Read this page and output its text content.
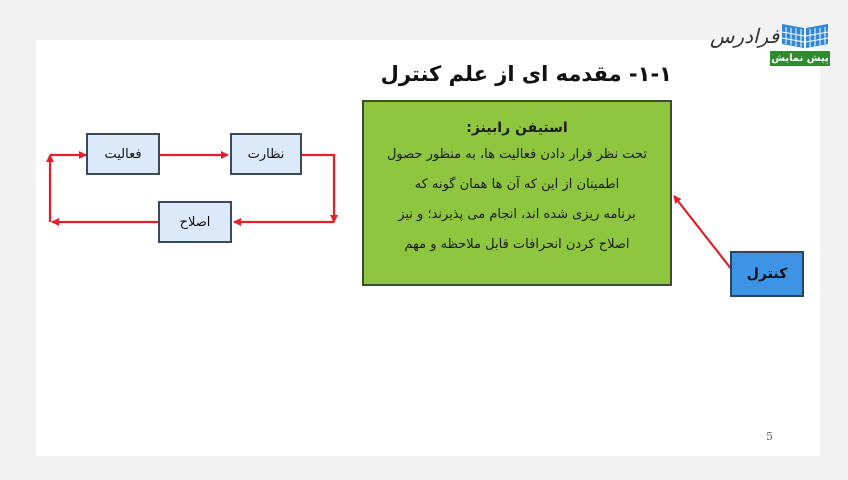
فرادرس
پیش نمایش
۱-۱- مقدمه ای از علم کنترل
فعالیت	نظارت
اصلاح
استیفن رابینز:
تحت نظر قرار دادن فعالیت ها، به منظور حصول
اطمینان از این که آن ها همان گونه که
برنامه ریزی شده اند، انجام می پذیرند؛ و نیز
اصلاح کردن انحرافات قابل ملاحظه و مهم
کنترل
5
